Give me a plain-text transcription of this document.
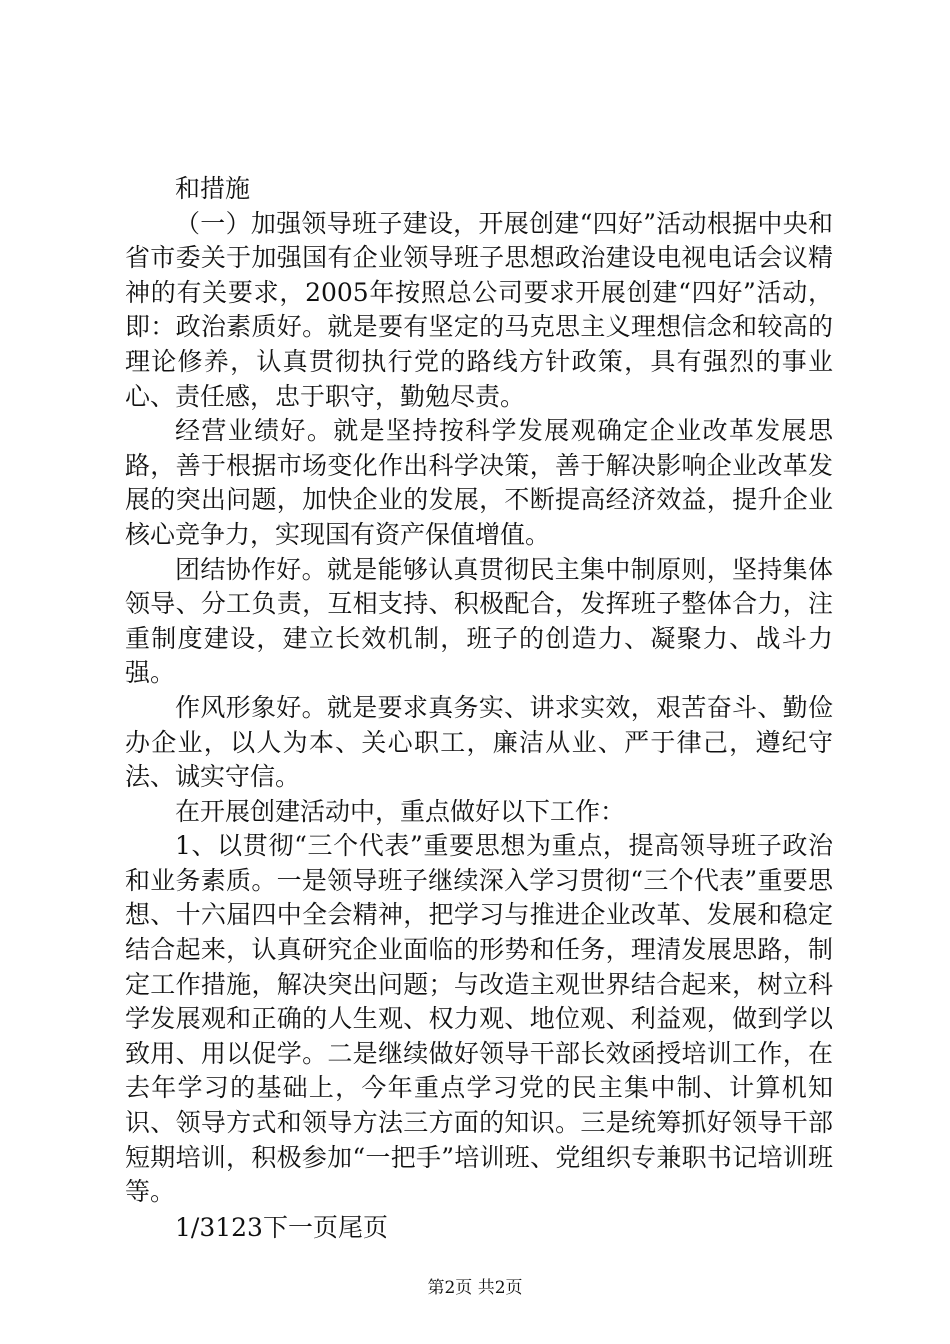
和措施

（一）加强领导班子建设，开展创建“四好”活动根据中央和省市委关于加强国有企业领导班子思想政治建设电视电话会议精神的有关要求，2005年按照总公司要求开展创建“四好”活动，即：政治素质好。就是要有坚定的马克思主义理想信念和较高的理论修养，认真贯彻执行党的路线方针政策，具有强烈的事业心、责任感，忠于职守，勤勉尽责。

经营业绩好。就是坚持按科学发展观确定企业改革发展思路，善于根据市场变化作出科学决策，善于解决影响企业改革发展的突出问题，加快企业的发展，不断提高经济效益，提升企业核心竞争力，实现国有资产保值增值。

团结协作好。就是能够认真贯彻民主集中制原则，坚持集体领导、分工负责，互相支持、积极配合，发挥班子整体合力，注重制度建设，建立长效机制，班子的创造力、凝聚力、战斗力强。

作风形象好。就是要求真务实、讲求实效，艰苦奋斗、勤俭办企业，以人为本、关心职工，廉洁从业、严于律己，遵纪守法、诚实守信。

在开展创建活动中，重点做好以下工作：

1、以贯彻“三个代表”重要思想为重点，提高领导班子政治和业务素质。一是领导班子继续深入学习贯彻“三个代表”重要思想、十六届四中全会精神，把学习与推进企业改革、发展和稳定结合起来，认真研究企业面临的形势和任务，理清发展思路，制定工作措施，解决突出问题；与改造主观世界结合起来，树立科学发展观和正确的人生观、权力观、地位观、利益观，做到学以致用、用以促学。二是继续做好领导干部长效函授培训工作，在去年学习的基础上，今年重点学习党的民主集中制、计算机知识、领导方式和领导方法三方面的知识。三是统筹抓好领导干部短期培训，积极参加“一把手”培训班、党组织专兼职书记培训班等。

1/3123下一页尾页

第2页 共2页
